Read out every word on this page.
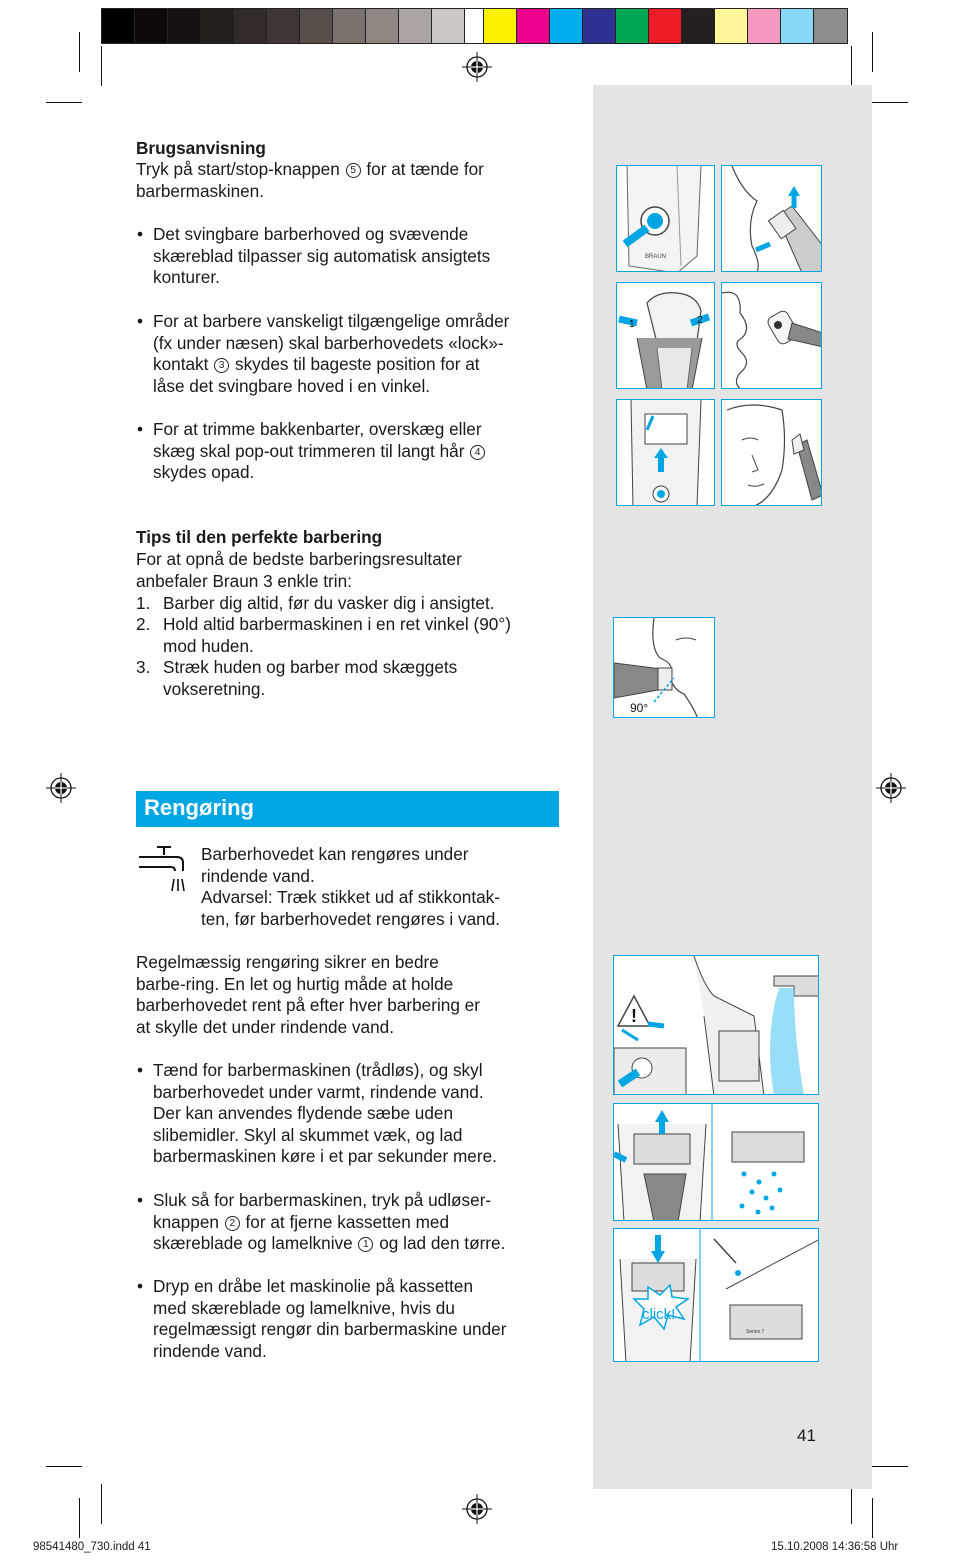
Brugsanvisning
Tryk på start/stop-knappen 5 for at tænde for
barbermaskinen.
• Det svingbare barberhoved og svævende
skæreblad tilpasser sig automatisk ansigtets
konturer.
• For at barbere vanskeligt tilgængelige områder
(fx under næsen) skal barberhovedets «lock»-
kontakt 3 skydes til bageste position for at
låse det svingbare hoved i en vinkel.
• For at trimme bakkenbarter, overskæg eller
skæg skal pop-out trimmeren til langt hår 4
skydes opad.
Tips til den perfekte barbering
For at opnå de bedste barberingsresultater
anbefaler Braun 3 enkle trin:
1. Barber dig altid, før du vasker dig i ansigtet.
2. Hold altid barbermaskinen i en ret vinkel (90°)
mod huden.
3. Stræk huden og barber mod skæggets
vokseretning.
Rengøring
Barberhovedet kan rengøres under
rindende vand.
Advarsel: Træk stikket ud af stikkontak-
ten, før barberhovedet rengøres i vand.
Regelmæssig rengøring sikrer en bedre
barbe-ring. En let og hurtig måde at holde
barberhovedet rent på efter hver barbering er
at skylle det under rindende vand.
• Tænd for barbermaskinen (trådløs), og skyl
barberhovedet under varmt, rindende vand.
Der kan anvendes flydende sæbe uden
slibemidler. Skyl al skummet væk, og lad
barbermaskinen køre i et par sekunder mere.
• Sluk så for barbermaskinen, tryk på udløser-
knappen 2 for at fjerne kassetten med
skæreblade og lamelknive 1 og lad den tørre.
• Dryp en dråbe let maskinolie på kassetten
med skæreblade og lamelknive, hvis du
regelmæssigt rengør din barbermaskine under
rindende vand.
BRAUN
1	2
90°
!
click!
Series 7
41
98541480_730.indd 41	15.10.2008 14:36:58 Uhr
